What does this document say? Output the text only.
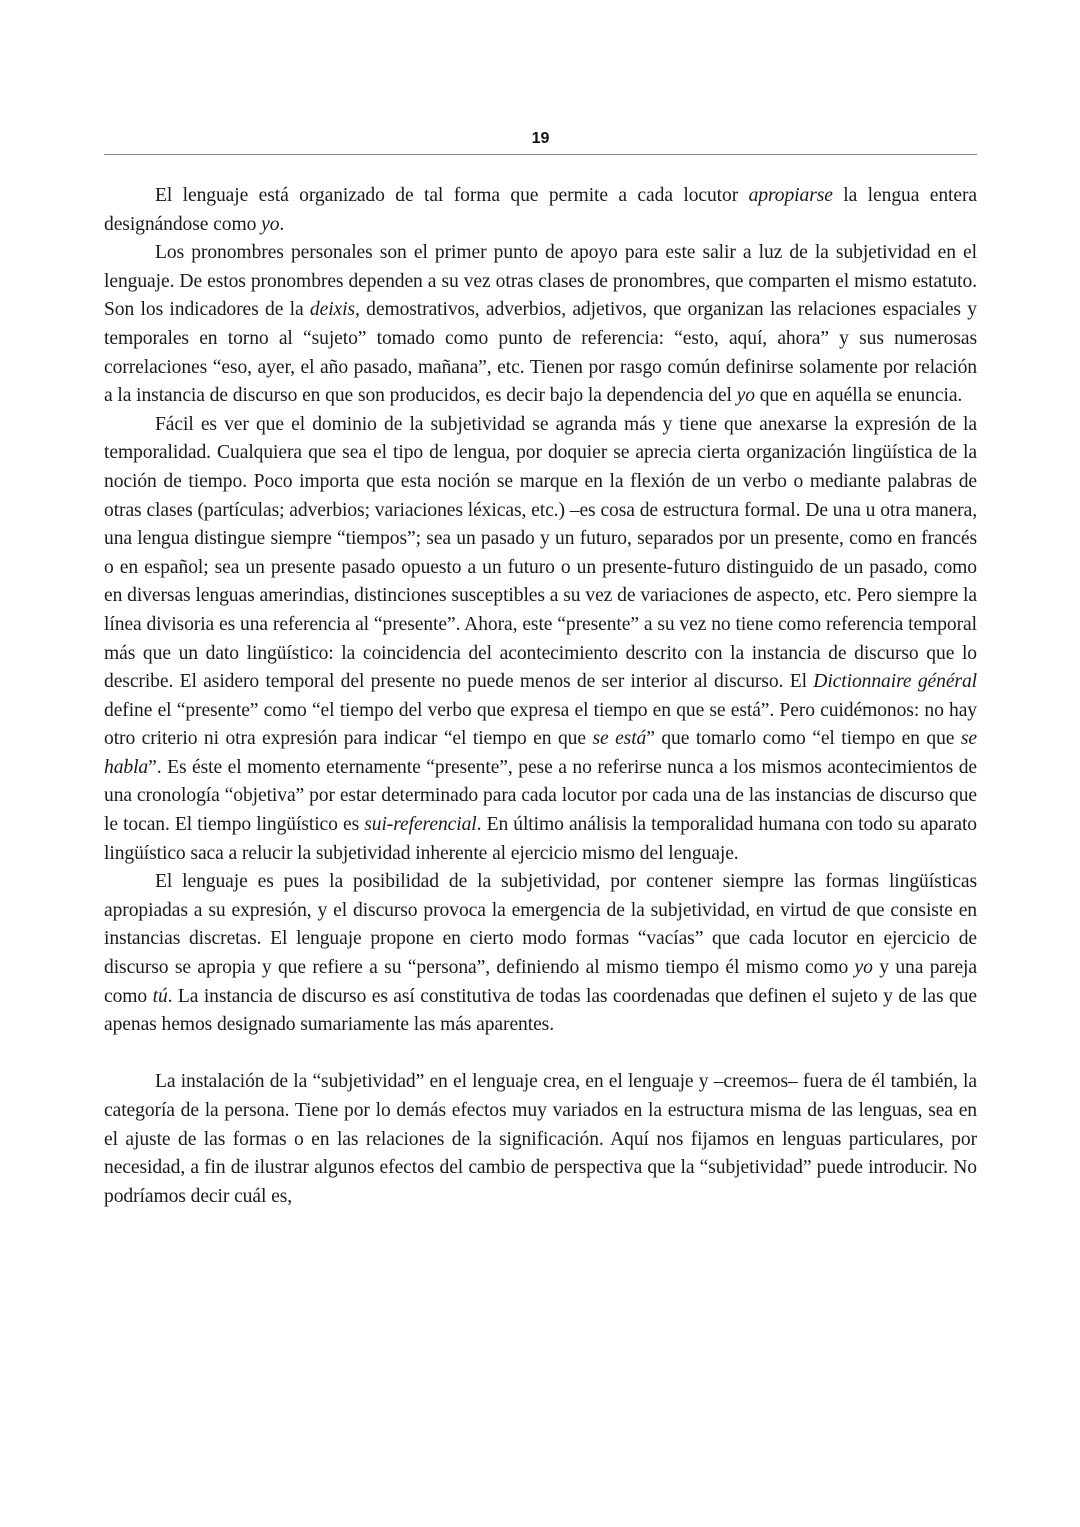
19

El lenguaje está organizado de tal forma que permite a cada locutor apropiarse la lengua entera designándose como yo.

Los pronombres personales son el primer punto de apoyo para este salir a luz de la subjetividad en el lenguaje. De estos pronombres dependen a su vez otras clases de pronombres, que comparten el mismo estatuto. Son los indicadores de la deixis, demostrativos, adverbios, adjetivos, que organizan las relaciones espaciales y temporales en torno al “sujeto” tomado como punto de referencia: “esto, aquí, ahora” y sus numerosas correlaciones “eso, ayer, el año pasado, mañana”, etc. Tienen por rasgo común definirse solamente por relación a la instancia de discurso en que son producidos, es decir bajo la dependencia del yo que en aquélla se enuncia.

Fácil es ver que el dominio de la subjetividad se agranda más y tiene que anexarse la expresión de la temporalidad. Cualquiera que sea el tipo de lengua, por doquier se aprecia cierta organización lingüística de la noción de tiempo. Poco importa que esta noción se marque en la flexión de un verbo o mediante palabras de otras clases (partículas; adverbios; variaciones léxicas, etc.) –es cosa de estructura formal. De una u otra manera, una lengua distingue siempre “tiempos”; sea un pasado y un futuro, separados por un presente, como en francés o en español; sea un presente pasado opuesto a un futuro o un presente-futuro distinguido de un pasado, como en diversas lenguas amerindias, distinciones susceptibles a su vez de variaciones de aspecto, etc. Pero siempre la línea divisoria es una referencia al “presente”. Ahora, este “presente” a su vez no tiene como referencia temporal más que un dato lingüístico: la coincidencia del acontecimiento descrito con la instancia de discurso que lo describe. El asidero temporal del presente no puede menos de ser interior al discurso. El Dictionnaire général define el “presente” como “el tiempo del verbo que expresa el tiempo en que se está”. Pero cuidémonos: no hay otro criterio ni otra expresión para indicar “el tiempo en que se está” que tomarlo como “el tiempo en que se habla”. Es éste el momento eternamente “presente”, pese a no referirse nunca a los mismos acontecimientos de una cronología “objetiva” por estar determinado para cada locutor por cada una de las instancias de discurso que le tocan. El tiempo lingüístico es sui-referencial. En último análisis la temporalidad humana con todo su aparato lingüístico saca a relucir la subjetividad inherente al ejercicio mismo del lenguaje.

El lenguaje es pues la posibilidad de la subjetividad, por contener siempre las formas lingüísticas apropiadas a su expresión, y el discurso provoca la emergencia de la subjetividad, en virtud de que consiste en instancias discretas. El lenguaje propone en cierto modo formas “vacías” que cada locutor en ejercicio de discurso se apropia y que refiere a su “persona”, definiendo al mismo tiempo él mismo como yo y una pareja como tú. La instancia de discurso es así constitutiva de todas las coordenadas que definen el sujeto y de las que apenas hemos designado sumariamente las más aparentes.

La instalación de la “subjetividad” en el lenguaje crea, en el lenguaje y –creemos– fuera de él también, la categoría de la persona. Tiene por lo demás efectos muy variados en la estructura misma de las lenguas, sea en el ajuste de las formas o en las relaciones de la significación. Aquí nos fijamos en lenguas particulares, por necesidad, a fin de ilustrar algunos efectos del cambio de perspectiva que la “subjetividad” puede introducir. No podríamos decir cuál es,
